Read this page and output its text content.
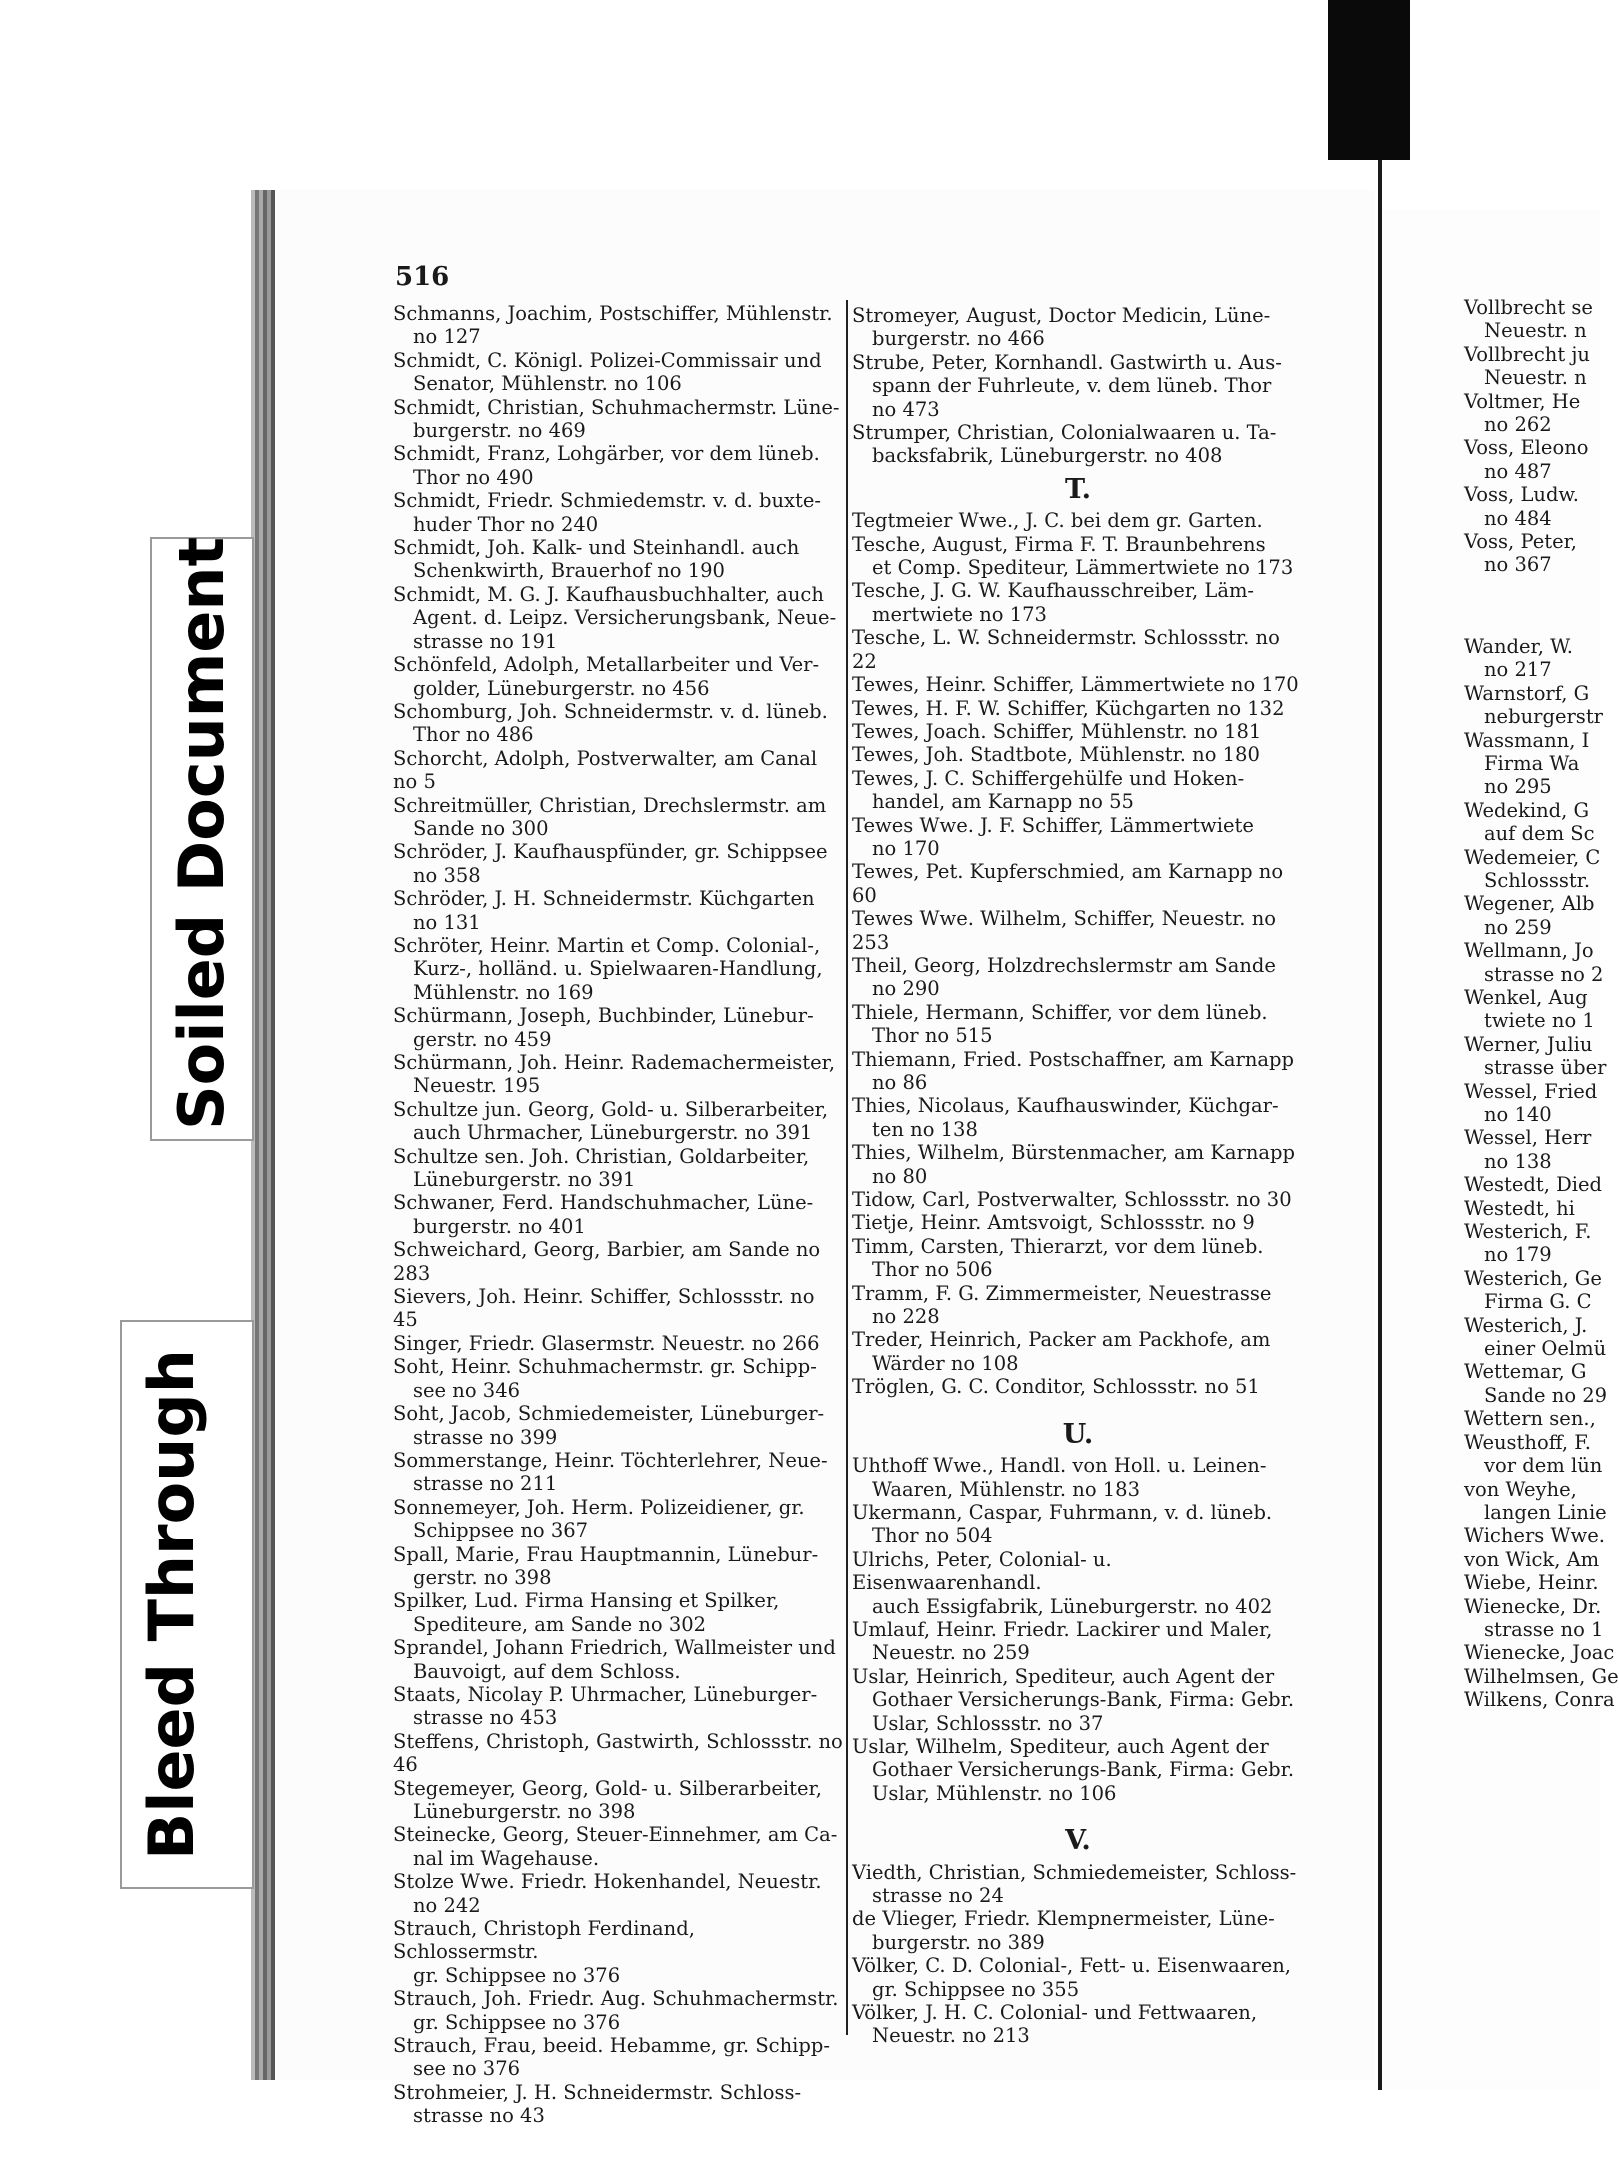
Soiled Document
Bleed Through
516
Schmanns, Joachim, Postschiffer, Mühlenstr.
no 127
Schmidt, C. Königl. Polizei-Commissair und
Senator, Mühlenstr. no 106
Schmidt, Christian, Schuhmachermstr. Lüne-
burgerstr. no 469
Schmidt, Franz, Lohgärber, vor dem lüneb.
Thor no 490
Schmidt, Friedr. Schmiedemstr. v. d. buxte-
huder Thor no 240
Schmidt, Joh. Kalk- und Steinhandl. auch
Schenkwirth, Brauerhof no 190
Schmidt, M. G. J. Kaufhausbuchhalter, auch
Agent. d. Leipz. Versicherungsbank, Neue-
strasse no 191
Schönfeld, Adolph, Metallarbeiter und Ver-
golder, Lüneburgerstr. no 456
Schomburg, Joh. Schneidermstr. v. d. lüneb.
Thor no 486
Schorcht, Adolph, Postverwalter, am Canal no 5
Schreitmüller, Christian, Drechslermstr. am
Sande no 300
Schröder, J. Kaufhauspfünder, gr. Schippsee
no 358
Schröder, J. H. Schneidermstr. Küchgarten
no 131
Schröter, Heinr. Martin et Comp. Colonial-,
Kurz-, holländ. u. Spielwaaren-Handlung,
Mühlenstr. no 169
Schürmann, Joseph, Buchbinder, Lünebur-
gerstr. no 459
Schürmann, Joh. Heinr. Rademachermeister,
Neuestr. 195
Schultze jun. Georg, Gold- u. Silberarbeiter,
auch Uhrmacher, Lüneburgerstr. no 391
Schultze sen. Joh. Christian, Goldarbeiter,
Lüneburgerstr. no 391
Schwaner, Ferd. Handschuhmacher, Lüne-
burgerstr. no 401
Schweichard, Georg, Barbier, am Sande no 283
Sievers, Joh. Heinr. Schiffer, Schlossstr. no 45
Singer, Friedr. Glasermstr. Neuestr. no 266
Soht, Heinr. Schuhmachermstr. gr. Schipp-
see no 346
Soht, Jacob, Schmiedemeister, Lüneburger-
strasse no 399
Sommerstange, Heinr. Töchterlehrer, Neue-
strasse no 211
Sonnemeyer, Joh. Herm. Polizeidiener, gr.
Schippsee no 367
Spall, Marie, Frau Hauptmannin, Lünebur-
gerstr. no 398
Spilker, Lud. Firma Hansing et Spilker,
Spediteure, am Sande no 302
Sprandel, Johann Friedrich, Wallmeister und
Bauvoigt, auf dem Schloss.
Staats, Nicolay P. Uhrmacher, Lüneburger-
strasse no 453
Steffens, Christoph, Gastwirth, Schlossstr. no 46
Stegemeyer, Georg, Gold- u. Silberarbeiter,
Lüneburgerstr. no 398
Steinecke, Georg, Steuer-Einnehmer, am Ca-
nal im Wagehause.
Stolze Wwe. Friedr. Hokenhandel, Neuestr.
no 242
Strauch, Christoph Ferdinand, Schlossermstr.
gr. Schippsee no 376
Strauch, Joh. Friedr. Aug. Schuhmachermstr.
gr. Schippsee no 376
Strauch, Frau, beeid. Hebamme, gr. Schipp-
see no 376
Strohmeier, J. H. Schneidermstr. Schloss-
strasse no 43
Stromeyer, August, Doctor Medicin, Lüne-
burgerstr. no 466
Strube, Peter, Kornhandl. Gastwirth u. Aus-
spann der Fuhrleute, v. dem lüneb. Thor
no 473
Strumper, Christian, Colonialwaaren u. Ta-
backsfabrik, Lüneburgerstr. no 408
T.
Tegtmeier Wwe., J. C. bei dem gr. Garten.
Tesche, August, Firma F. T. Braunbehrens
et Comp. Spediteur, Lämmertwiete no 173
Tesche, J. G. W. Kaufhausschreiber, Läm-
mertwiete no 173
Tesche, L. W. Schneidermstr. Schlossstr. no 22
Tewes, Heinr. Schiffer, Lämmertwiete no 170
Tewes, H. F. W. Schiffer, Küchgarten no 132
Tewes, Joach. Schiffer, Mühlenstr. no 181
Tewes, Joh. Stadtbote, Mühlenstr. no 180
Tewes, J. C. Schiffergehülfe und Hoken-
handel, am Karnapp no 55
Tewes Wwe. J. F. Schiffer, Lämmertwiete
no 170
Tewes, Pet. Kupferschmied, am Karnapp no 60
Tewes Wwe. Wilhelm, Schiffer, Neuestr. no 253
Theil, Georg, Holzdrechslermstr am Sande
no 290
Thiele, Hermann, Schiffer, vor dem lüneb.
Thor no 515
Thiemann, Fried. Postschaffner, am Karnapp
no 86
Thies, Nicolaus, Kaufhauswinder, Küchgar-
ten no 138
Thies, Wilhelm, Bürstenmacher, am Karnapp
no 80
Tidow, Carl, Postverwalter, Schlossstr. no 30
Tietje, Heinr. Amtsvoigt, Schlossstr. no 9
Timm, Carsten, Thierarzt, vor dem lüneb.
Thor no 506
Tramm, F. G. Zimmermeister, Neuestrasse
no 228
Treder, Heinrich, Packer am Packhofe, am
Wärder no 108
Tröglen, G. C. Conditor, Schlossstr. no 51
U.
Uhthoff Wwe., Handl. von Holl. u. Leinen-
Waaren, Mühlenstr. no 183
Ukermann, Caspar, Fuhrmann, v. d. lüneb.
Thor no 504
Ulrichs, Peter, Colonial- u. Eisenwaarenhandl.
auch Essigfabrik, Lüneburgerstr. no 402
Umlauf, Heinr. Friedr. Lackirer und Maler,
Neuestr. no 259
Uslar, Heinrich, Spediteur, auch Agent der
Gothaer Versicherungs-Bank, Firma: Gebr.
Uslar, Schlossstr. no 37
Uslar, Wilhelm, Spediteur, auch Agent der
Gothaer Versicherungs-Bank, Firma: Gebr.
Uslar, Mühlenstr. no 106
V.
Viedth, Christian, Schmiedemeister, Schloss-
strasse no 24
de Vlieger, Friedr. Klempnermeister, Lüne-
burgerstr. no 389
Völker, C. D. Colonial-, Fett- u. Eisenwaaren,
gr. Schippsee no 355
Völker, J. H. C. Colonial- und Fettwaaren,
Neuestr. no 213
Vollbrecht se
Neuestr. n
Vollbrecht ju
Neuestr. n
Voltmer, He
no 262
Voss, Eleono
no 487
Voss, Ludw.
no 484
Voss, Peter,
no 367
Wander, W.
no 217
Warnstorf, G
neburgerstr
Wassmann, I
Firma Wa
no 295
Wedekind, G
auf dem Sc
Wedemeier, C
Schlossstr.
Wegener, Alb
no 259
Wellmann, Jo
strasse no 2
Wenkel, Aug
twiete no 1
Werner, Juliu
strasse über
Wessel, Fried
no 140
Wessel, Herr
no 138
Westedt, Died
Westedt, hi
Westerich, F.
no 179
Westerich, Ge
Firma G. C
Westerich, J.
einer Oelmü
Wettemar, G
Sande no 29
Wettern sen.,
Weusthoff, F.
vor dem lün
von Weyhe,
langen Linie
Wichers Wwe.
von Wick, Am
Wiebe, Heinr.
Wienecke, Dr.
strasse no 1
Wienecke, Joac
Wilhelmsen, Ge
Wilkens, Conra
